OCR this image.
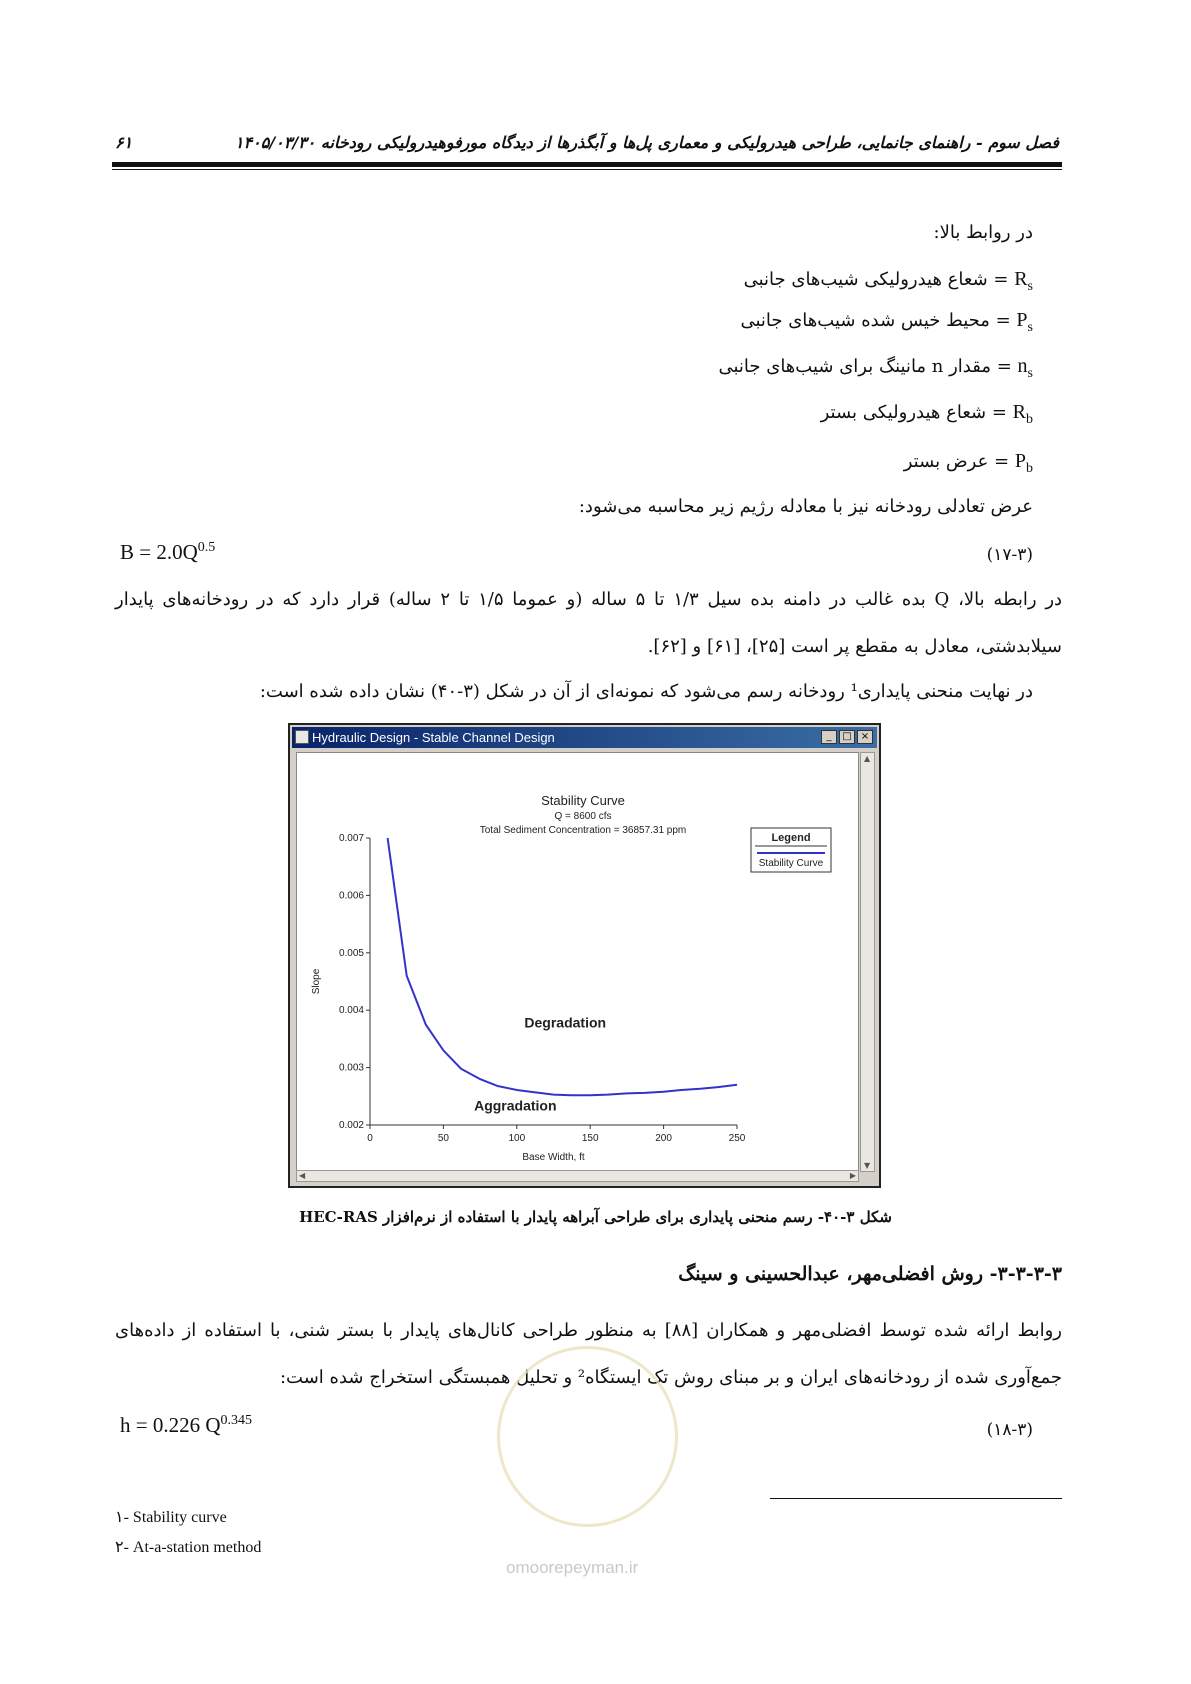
فصل سوم - راهنمای جانمایی، طراحی هیدرولیکی و معماری پل‌ها و آبگذرها از دیدگاه مورفوهیدرولیکی رودخانه ۱۴۰۵/۰۳/۳۰
۶۱
در روابط بالا:
$R_s$ = شعاع هیدرولیکی شیب‌های جانبی
$P_s$ = محیط خیس شده شیب‌های جانبی
$n_s$ = مقدار n مانینگ برای شیب‌های جانبی
$R_b$ = شعاع هیدرولیکی بستر
$P_b$ = عرض بستر
عرض تعادلی رودخانه نیز با معادله رژیم زیر محاسبه می‌شود:
$B = 2.0Q^{0.5}$	(۱۷-۳)
در رابطه بالا، Q بده غالب در دامنه بده سیل ۱/۳ تا ۵ ساله (و عموما ۱/۵ تا ۲ ساله) قرار دارد که در رودخانه‌های پایدار سیلابدشتی، معادل به مقطع پر است [۲۵]، [۶۱] و [۶۲].
در نهایت منحنی پایداری¹ رودخانه رسم می‌شود که نمونه‌ای از آن در شکل (۳-۴۰) نشان داده شده است:
Hydraulic Design - Stable Channel Design	_	□ ×
Stability Curve
Q = 8600 cfs
Total Sediment Concentration = 36857.31 ppm
0.002
0.003
0.004
0.005
0.006
0.007
0	50	100	150	200	250
Base Width, ft
Slope
Degradation
Aggradation
Legend
Stability Curve
▲
▼
◀	▶
شکل ۳-۴۰- رسم منحنی پایداری برای طراحی آبراهه پایدار با استفاده از نرم‌افزار HEC-RAS
۳-۳-۳-۳- روش افضلی‌مهر، عبدالحسینی و سینگ
روابط ارائه شده توسط افضلی‌مهر و همکاران [۸۸] به منظور طراحی کانال‌های پایدار با بستر شنی، با استفاده از داده‌های جمع‌آوری شده از رودخانه‌های ایران و بر مبنای روش تک ایستگاه² و تحلیل همبستگی استخراج شده است:
h = 0.226 $Q^{0.345}$	(۱۸-۳)
omoorepeyman.ir
۱- Stability curve
۲- At-a-station method
